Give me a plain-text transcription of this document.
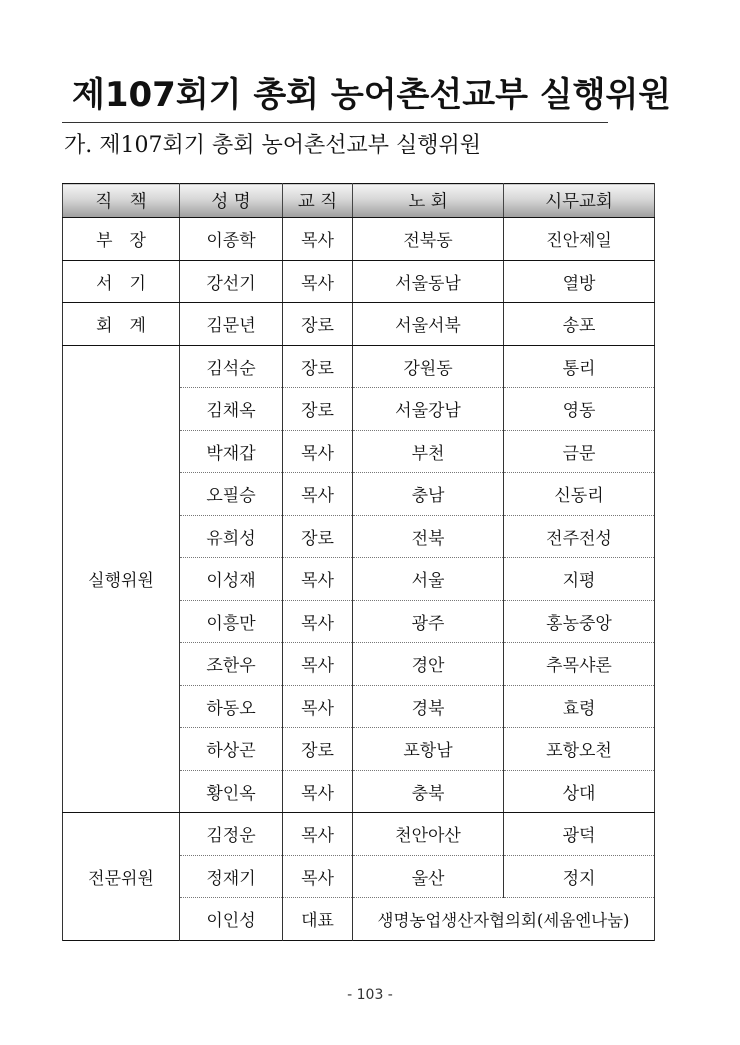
제107회기 총회 농어촌선교부 실행위원
가. 제107회기 총회 농어촌선교부 실행위원
직　책	성 명	교 직	노 회	시무교회
부　장	이종학	목사	전북동	진안제일
서　기	강선기	목사	서울동남	열방
회　계	김문년	장로	서울서북	송포
실행위원	김석순	장로	강원동	통리
	김채옥	장로	서울강남	영동
	박재갑	목사	부천	금문
	오필승	목사	충남	신동리
	유희성	장로	전북	전주전성
	이성재	목사	서울	지평
	이흥만	목사	광주	홍농중앙
	조한우	목사	경안	추목샤론
	하동오	목사	경북	효령
	하상곤	장로	포항남	포항오천
	황인옥	목사	충북	상대
전문위원	김정운	목사	천안아산	광덕
	정재기	목사	울산	정지
	이인성	대표	생명농업생산자협의회(세움엔나눔)	
- 103 -
